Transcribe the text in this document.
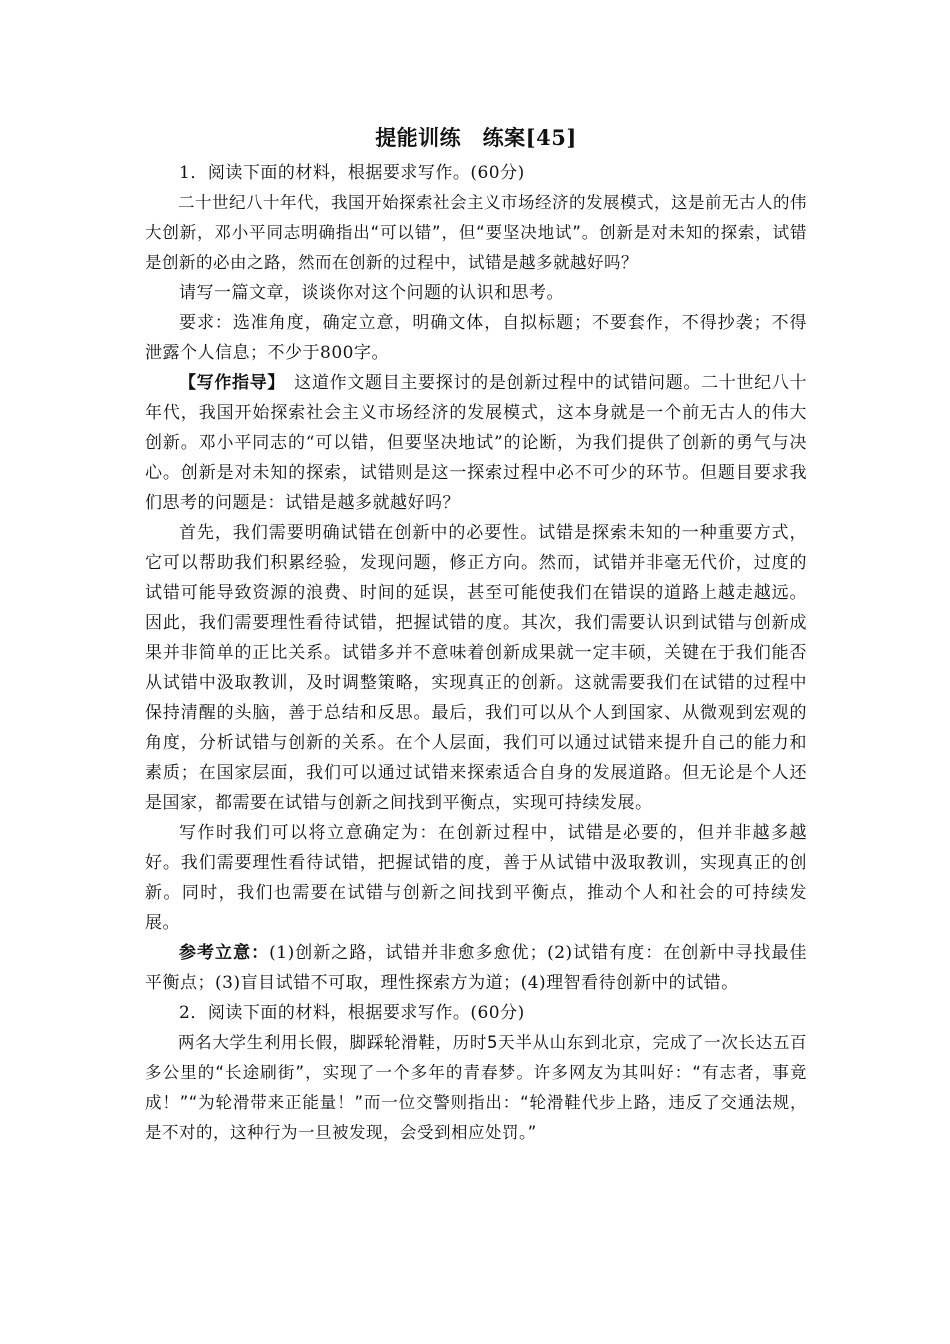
提能训练　练案[45]

1．阅读下面的材料，根据要求写作。(60分)

二十世纪八十年代，我国开始探索社会主义市场经济的发展模式，这是前无古人的伟大创新，邓小平同志明确指出“可以错”，但“要坚决地试”。创新是对未知的探索，试错是创新的必由之路，然而在创新的过程中，试错是越多就越好吗？

请写一篇文章，谈谈你对这个问题的认识和思考。

要求：选准角度，确定立意，明确文体，自拟标题；不要套作，不得抄袭；不得泄露个人信息；不少于800字。

【写作指导】　这道作文题目主要探讨的是创新过程中的试错问题。二十世纪八十年代，我国开始探索社会主义市场经济的发展模式，这本身就是一个前无古人的伟大创新。邓小平同志的“可以错，但要坚决地试”的论断，为我们提供了创新的勇气与决心。创新是对未知的探索，试错则是这一探索过程中必不可少的环节。但题目要求我们思考的问题是：试错是越多就越好吗？

首先，我们需要明确试错在创新中的必要性。试错是探索未知的一种重要方式，它可以帮助我们积累经验，发现问题，修正方向。然而，试错并非毫无代价，过度的试错可能导致资源的浪费、时间的延误，甚至可能使我们在错误的道路上越走越远。因此，我们需要理性看待试错，把握试错的度。其次，我们需要认识到试错与创新成果并非简单的正比关系。试错多并不意味着创新成果就一定丰硕，关键在于我们能否从试错中汲取教训，及时调整策略，实现真正的创新。这就需要我们在试错的过程中保持清醒的头脑，善于总结和反思。最后，我们可以从个人到国家、从微观到宏观的角度，分析试错与创新的关系。在个人层面，我们可以通过试错来提升自己的能力和素质；在国家层面，我们可以通过试错来探索适合自身的发展道路。但无论是个人还是国家，都需要在试错与创新之间找到平衡点，实现可持续发展。

写作时我们可以将立意确定为：在创新过程中，试错是必要的，但并非越多越好。我们需要理性看待试错，把握试错的度，善于从试错中汲取教训，实现真正的创新。同时，我们也需要在试错与创新之间找到平衡点，推动个人和社会的可持续发展。

参考立意：(1)创新之路，试错并非愈多愈优；(2)试错有度：在创新中寻找最佳平衡点；(3)盲目试错不可取，理性探索方为道；(4)理智看待创新中的试错。

2．阅读下面的材料，根据要求写作。(60分)

两名大学生利用长假，脚踩轮滑鞋，历时5天半从山东到北京，完成了一次长达五百多公里的“长途刷街”，实现了一个多年的青春梦。许多网友为其叫好：“有志者，事竟成！”“为轮滑带来正能量！”而一位交警则指出：“轮滑鞋代步上路，违反了交通法规，是不对的，这种行为一旦被发现，会受到相应处罚。”
